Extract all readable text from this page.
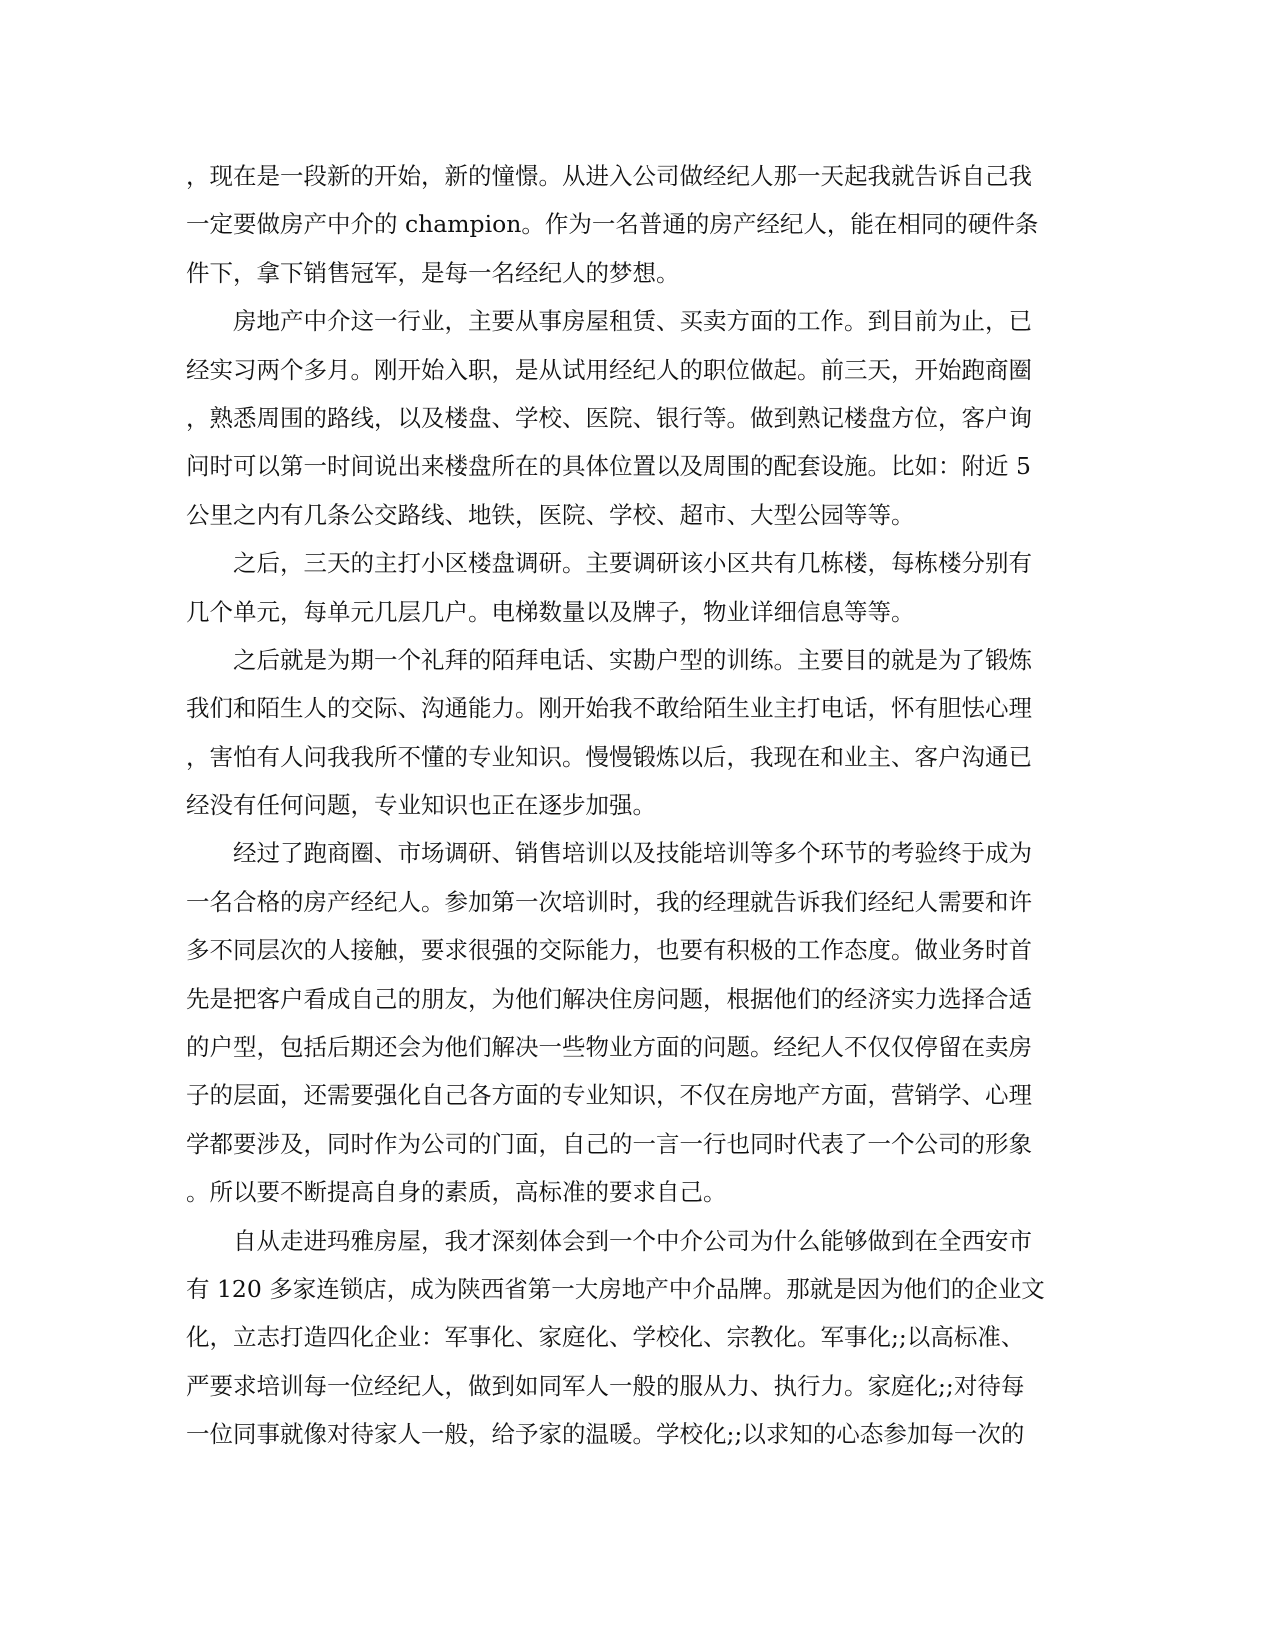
，现在是一段新的开始，新的憧憬。从进入公司做经纪人那一天起我就告诉自己我
一定要做房产中介的 champion。作为一名普通的房产经纪人，能在相同的硬件条
件下，拿下销售冠军，是每一名经纪人的梦想。
房地产中介这一行业，主要从事房屋租赁、买卖方面的工作。到目前为止，已
经实习两个多月。刚开始入职，是从试用经纪人的职位做起。前三天，开始跑商圈
，熟悉周围的路线，以及楼盘、学校、医院、银行等。做到熟记楼盘方位，客户询
问时可以第一时间说出来楼盘所在的具体位置以及周围的配套设施。比如：附近 5
公里之内有几条公交路线、地铁，医院、学校、超市、大型公园等等。
之后，三天的主打小区楼盘调研。主要调研该小区共有几栋楼，每栋楼分别有
几个单元，每单元几层几户。电梯数量以及牌子，物业详细信息等等。
之后就是为期一个礼拜的陌拜电话、实勘户型的训练。主要目的就是为了锻炼
我们和陌生人的交际、沟通能力。刚开始我不敢给陌生业主打电话，怀有胆怯心理
，害怕有人问我我所不懂的专业知识。慢慢锻炼以后，我现在和业主、客户沟通已
经没有任何问题，专业知识也正在逐步加强。
经过了跑商圈、市场调研、销售培训以及技能培训等多个环节的考验终于成为
一名合格的房产经纪人。参加第一次培训时，我的经理就告诉我们经纪人需要和许
多不同层次的人接触，要求很强的交际能力，也要有积极的工作态度。做业务时首
先是把客户看成自己的朋友，为他们解决住房问题，根据他们的经济实力选择合适
的户型，包括后期还会为他们解决一些物业方面的问题。经纪人不仅仅停留在卖房
子的层面，还需要强化自己各方面的专业知识，不仅在房地产方面，营销学、心理
学都要涉及，同时作为公司的门面，自己的一言一行也同时代表了一个公司的形象
。所以要不断提高自身的素质，高标准的要求自己。
自从走进玛雅房屋，我才深刻体会到一个中介公司为什么能够做到在全西安市
有 120 多家连锁店，成为陕西省第一大房地产中介品牌。那就是因为他们的企业文
化，立志打造四化企业：军事化、家庭化、学校化、宗教化。军事化;;以高标准、
严要求培训每一位经纪人，做到如同军人一般的服从力、执行力。家庭化;;对待每
一位同事就像对待家人一般，给予家的温暖。学校化;;以求知的心态参加每一次的
